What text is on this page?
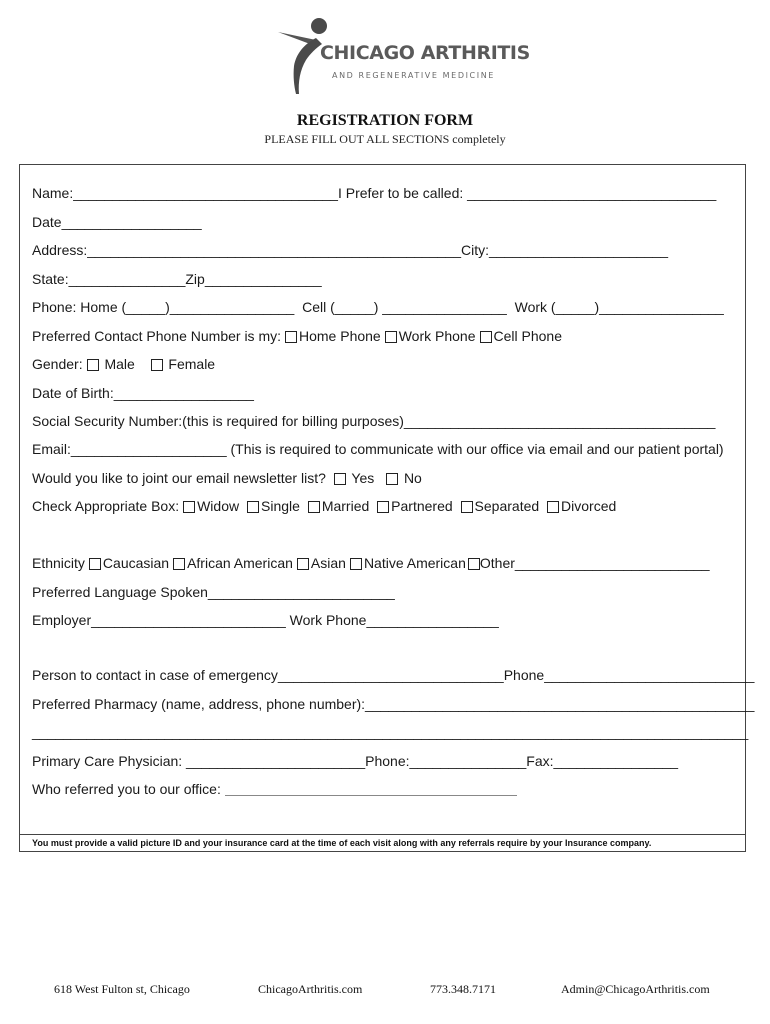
CHICAGO ARTHRITIS
AND REGENERATIVE MEDICINE
REGISTRATION FORM
PLEASE FILL OUT ALL SECTIONS completely
Name:__________________________________I Prefer to be called: ________________________________
Date__________________
Address:________________________________________________City:_______________________
State:_______________Zip_______________
Phone: Home (_____)________________  Cell (_____) ________________  Work (_____)________________
Preferred Contact Phone Number is my: Home Phone Work Phone Cell Phone
Gender: Male Female
Date of Birth:__________________
Social Security Number:(this is required for billing purposes)________________________________________
Email:____________________ (This is required to communicate with our office via email and our patient portal)
Would you like to joint our email newsletter list? Yes No
Check Appropriate Box: Widow Single Married Partnered Separated Divorced
Ethnicity Caucasian African American Asian Native American Other_________________________
Preferred Language Spoken________________________
Employer_________________________ Work Phone_________________
Person to contact in case of emergency_____________________________Phone___________________________
Preferred Pharmacy (name, address, phone number):__________________________________________________
____________________________________________________________________________________________
Primary Care Physician: _______________________Phone:_______________Fax:________________
Who referred you to our office:
You must provide a valid picture ID and your insurance card at the time of each visit along with any referrals require by your Insurance company.
618 West Fulton st, Chicago	ChicagoArthritis.com	773.348.7171	Admin@ChicagoArthritis.com
